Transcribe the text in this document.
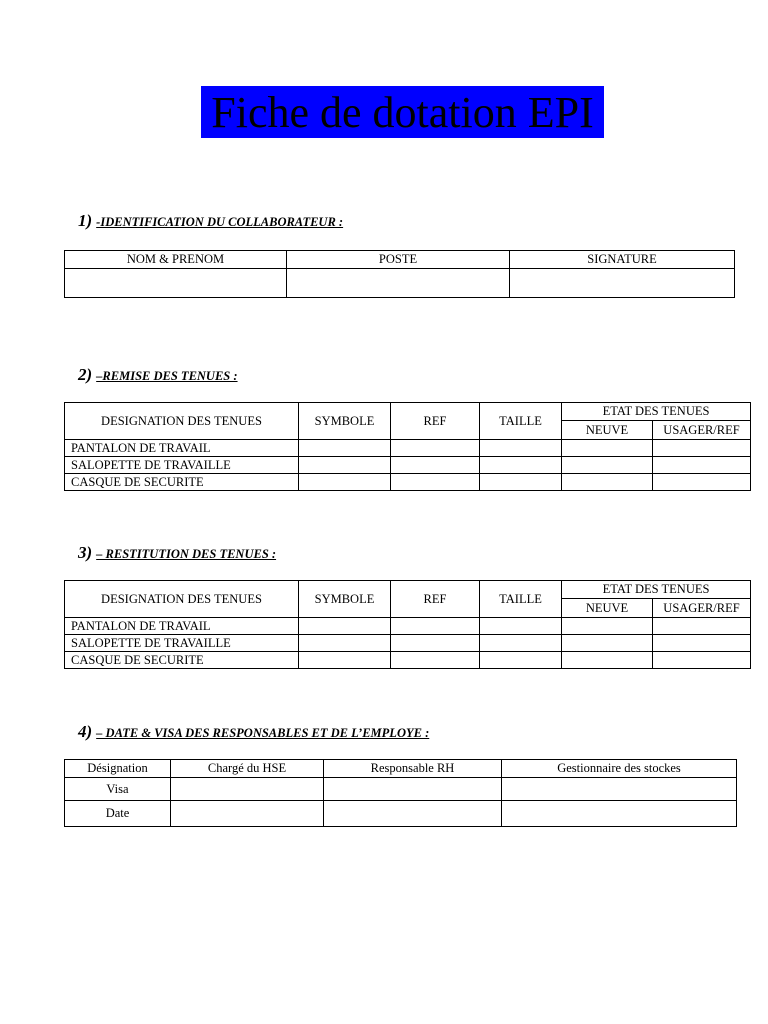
Fiche de dotation EPI
1) -IDENTIFICATION DU COLLABORATEUR :
NOM & PRENOM	POSTE	SIGNATURE

2) –REMISE DES TENUES :
DESIGNATION DES TENUES	SYMBOLE	REF	TAILLE	ETAT DES TENUES	
				NEUVE	USAGER/REF
PANTALON DE TRAVAIL					
SALOPETTE DE TRAVAILLE					
CASQUE DE SECURITE					
3) – RESTITUTION DES TENUES :
DESIGNATION DES TENUES	SYMBOLE	REF	TAILLE	ETAT DES TENUES	
				NEUVE	USAGER/REF
PANTALON DE TRAVAIL					
SALOPETTE DE TRAVAILLE					
CASQUE DE SECURITE					
4) – DATE & VISA DES RESPONSABLES ET DE L’EMPLOYE :
Désignation	Chargé du HSE	Responsable RH	Gestionnaire des stockes
Visa			
Date			
